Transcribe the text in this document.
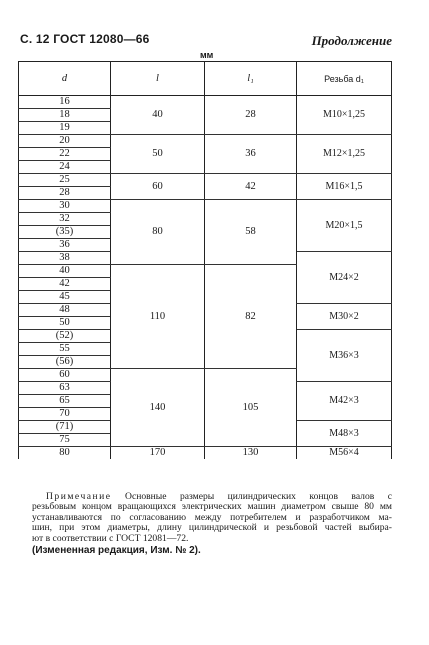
С. 12 ГОСТ 12080—66	Продолжение
мм
d	l	l₁	Резьба d₁
16	40	28	M10×1,25
18			
19			
20	50	36	M12×1,25
22			
24			
25	60	42	M16×1,5
28			
30	80	58	M20×1,5
32			
(35)			
36			
38			M24×2
40	110	82	
42			
45			
48			M30×2
50			
(52)			M36×3
55			
(56)			
60	140	105	
63			M42×3
65			
70			
(71)			M48×3
75			
80	170	130	M56×4
Примечание Основные размеры цилиндрических концов валов с
резьбовым концом вращающихся электрических машин диаметром свыше 80 мм
устанавливаются по согласованию между потребителем и разработчиком ма-
шин, при этом диаметры, длину цилиндрической и резьбовой частей выбира-
ют в соответствии с ГОСТ 12081—72.
(Измененная редакция, Изм. № 2).
